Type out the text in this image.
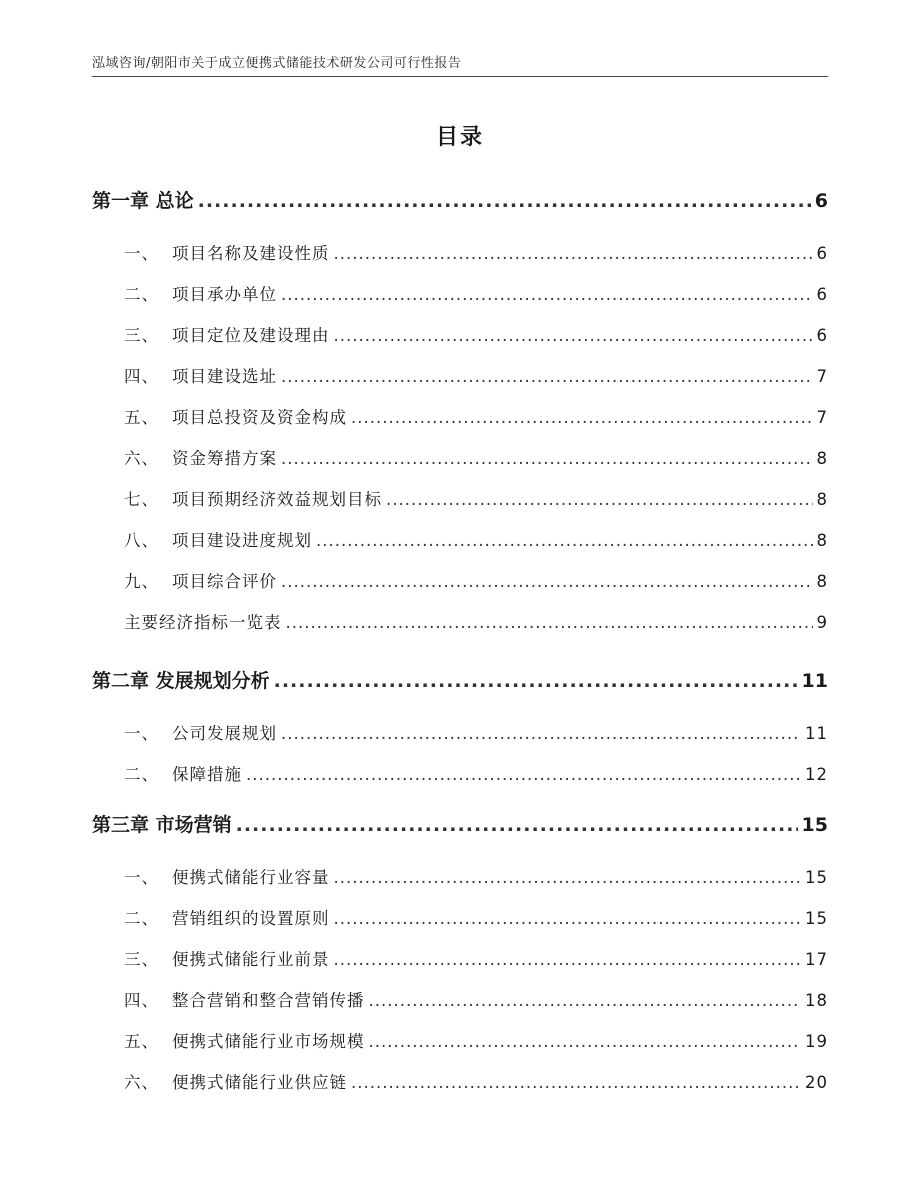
泓域咨询/朝阳市关于成立便携式储能技术研发公司可行性报告
目录
第一章 总论 .....	6
一、 项目名称及建设性质 .....	6
二、 项目承办单位 .....	6
三、 项目定位及建设理由 .....	6
四、 项目建设选址 .....	7
五、 项目总投资及资金构成 .....	7
六、 资金筹措方案 .....	8
七、 项目预期经济效益规划目标 .....	8
八、 项目建设进度规划 .....	8
九、 项目综合评价 .....	8
主要经济指标一览表 .....	9
第二章 发展规划分析 .....	11
一、 公司发展规划 .....	11
二、 保障措施 .....	12
第三章 市场营销 .....	15
一、 便携式储能行业容量 .....	15
二、 营销组织的设置原则 .....	15
三、 便携式储能行业前景 .....	17
四、 整合营销和整合营销传播 .....	18
五、 便携式储能行业市场规模 .....	19
六、 便携式储能行业供应链 .....	20
